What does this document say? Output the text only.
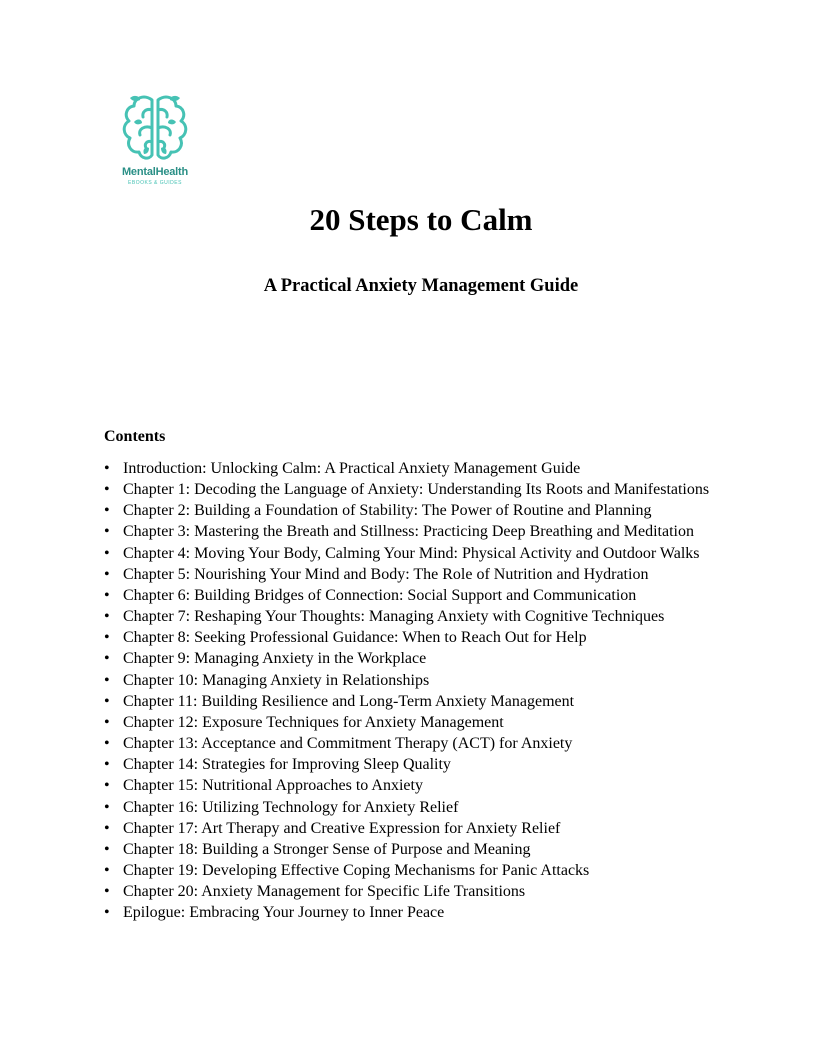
MentalHealth
EBOOKS & GUIDES
20 Steps to Calm
A Practical Anxiety Management Guide
Contents
• Introduction: Unlocking Calm: A Practical Anxiety Management Guide
• Chapter 1: Decoding the Language of Anxiety: Understanding Its Roots and Manifestations
• Chapter 2: Building a Foundation of Stability: The Power of Routine and Planning
• Chapter 3: Mastering the Breath and Stillness: Practicing Deep Breathing and Meditation
• Chapter 4: Moving Your Body, Calming Your Mind: Physical Activity and Outdoor Walks
• Chapter 5: Nourishing Your Mind and Body: The Role of Nutrition and Hydration
• Chapter 6: Building Bridges of Connection: Social Support and Communication
• Chapter 7: Reshaping Your Thoughts: Managing Anxiety with Cognitive Techniques
• Chapter 8: Seeking Professional Guidance: When to Reach Out for Help
• Chapter 9: Managing Anxiety in the Workplace
• Chapter 10: Managing Anxiety in Relationships
• Chapter 11: Building Resilience and Long-Term Anxiety Management
• Chapter 12: Exposure Techniques for Anxiety Management
• Chapter 13: Acceptance and Commitment Therapy (ACT) for Anxiety
• Chapter 14: Strategies for Improving Sleep Quality
• Chapter 15: Nutritional Approaches to Anxiety
• Chapter 16: Utilizing Technology for Anxiety Relief
• Chapter 17: Art Therapy and Creative Expression for Anxiety Relief
• Chapter 18: Building a Stronger Sense of Purpose and Meaning
• Chapter 19: Developing Effective Coping Mechanisms for Panic Attacks
• Chapter 20: Anxiety Management for Specific Life Transitions
• Epilogue: Embracing Your Journey to Inner Peace
